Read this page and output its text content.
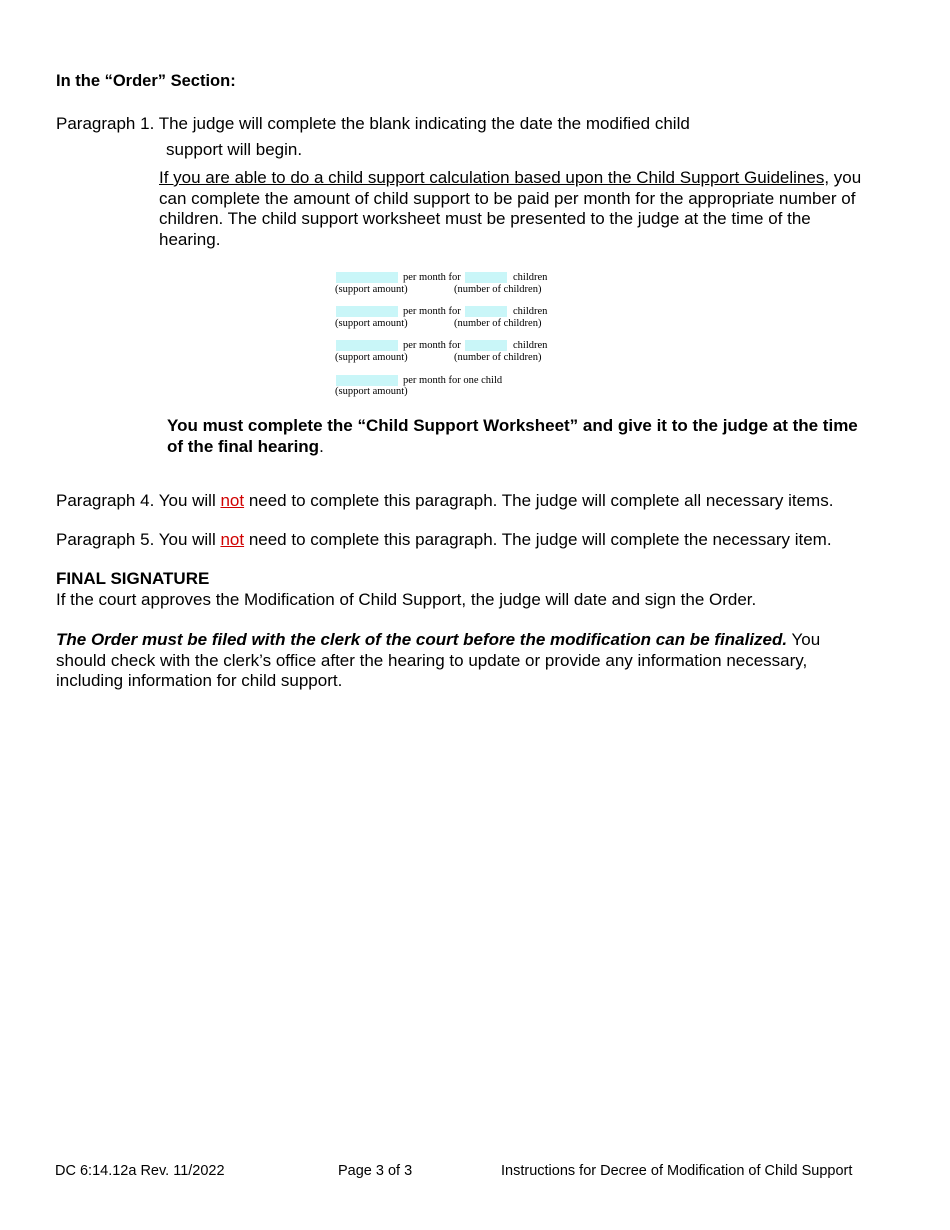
In the “Order” Section:
Paragraph 1. The judge will complete the blank indicating the date the modified child
support will begin.
If you are able to do a child support calculation based upon the Child Support Guidelines, you can complete the amount of child support to be paid per month for the appropriate number of children. The child support worksheet must be presented to the judge at the time of the hearing.
per month for	children
(support amount)	(number of children)
per month for	children
(support amount)	(number of children)
per month for	children
(support amount)	(number of children)
per month for one child
(support amount)
You must complete the “Child Support Worksheet” and give it to the judge at the time of the final hearing.
Paragraph 4. You will not need to complete this paragraph. The judge will complete all necessary items.
Paragraph 5. You will not need to complete this paragraph. The judge will complete the necessary item.
FINAL SIGNATURE
If the court approves the Modification of Child Support, the judge will date and sign the Order.
The Order must be filed with the clerk of the court before the modification can be finalized. You should check with the clerk’s office after the hearing to update or provide any information necessary, including information for child support.
DC 6:14.12a Rev. 11/2022	Page 3 of 3	Instructions for Decree of Modification of Child Support
